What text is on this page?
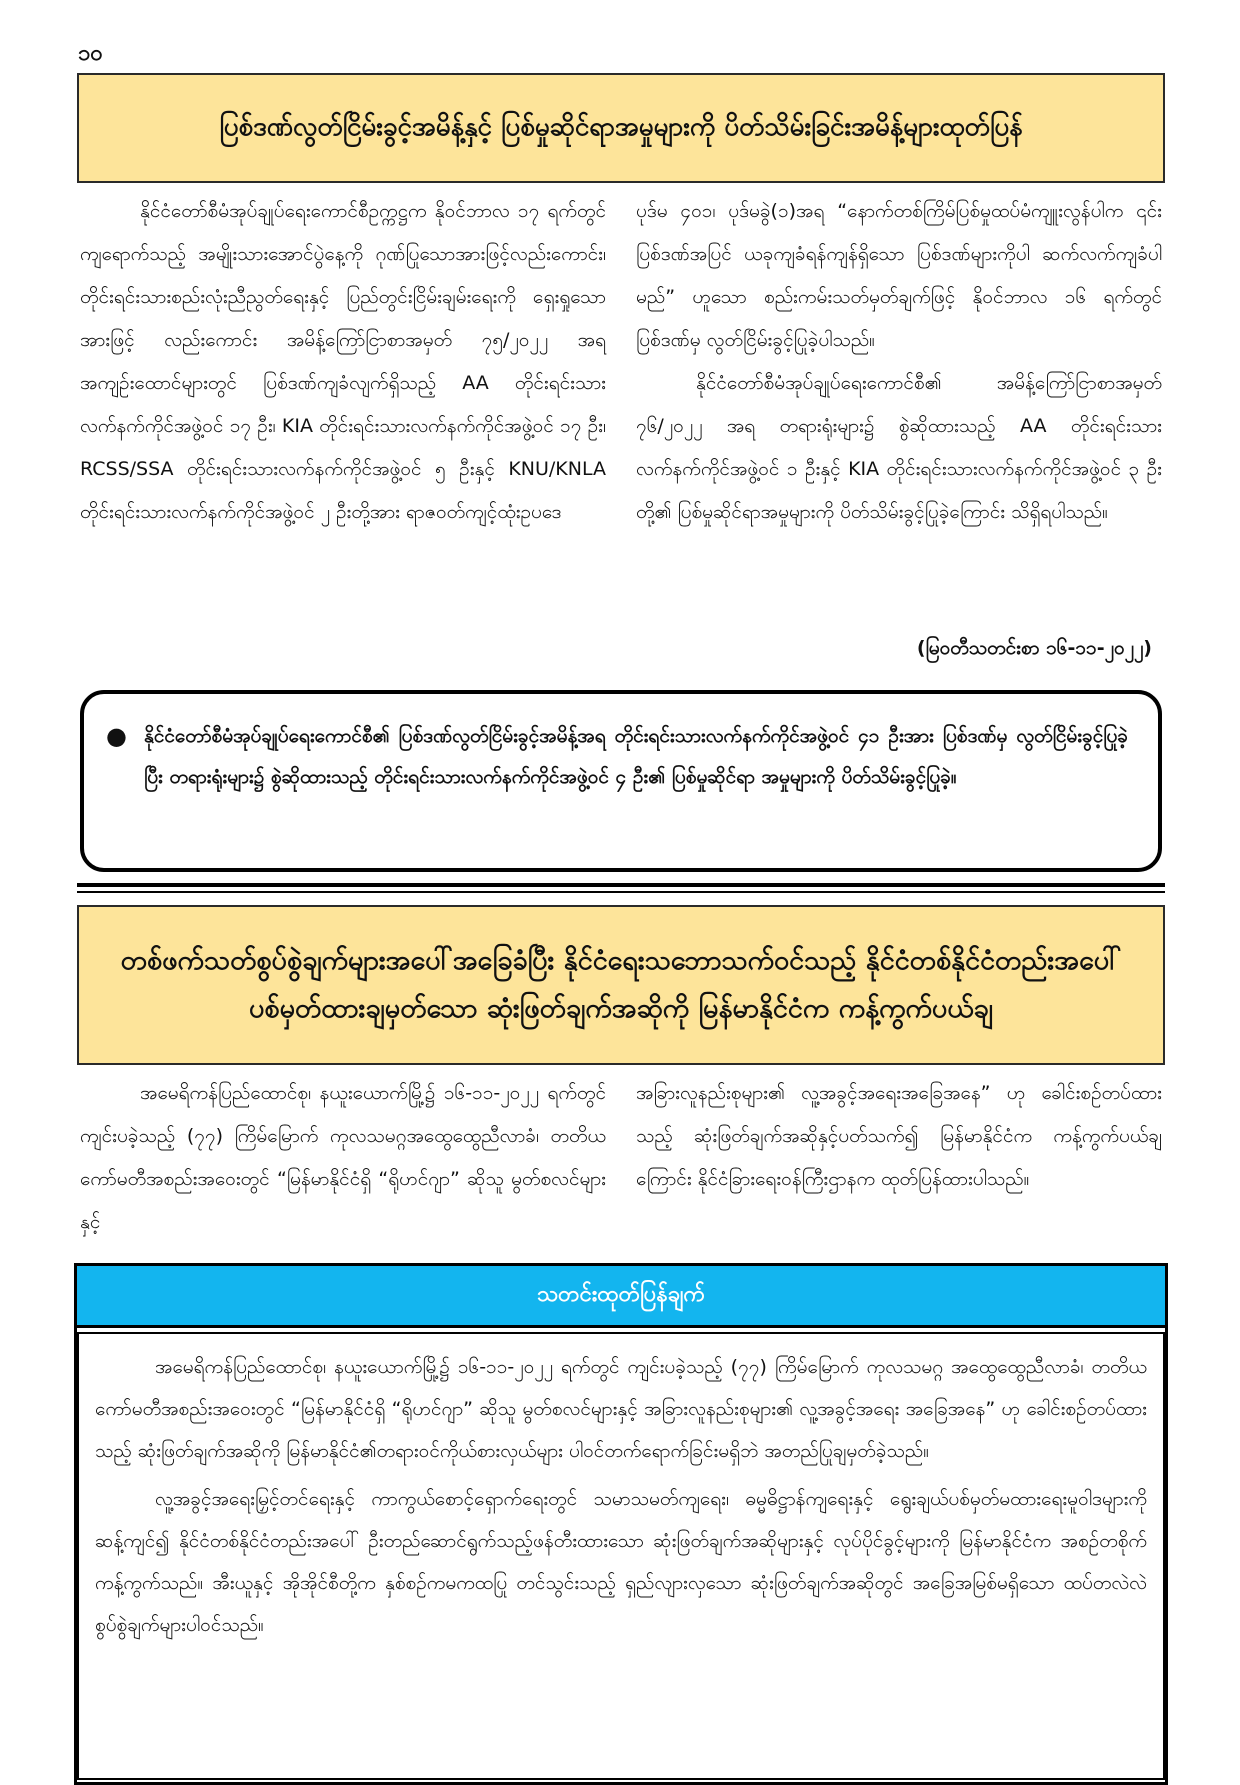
၁၀
ပြစ်ဒဏ်လွတ်ငြိမ်းခွင့်အမိန့်နှင့် ပြစ်မှုဆိုင်ရာအမှုများကို ပိတ်သိမ်းခြင်းအမိန့်များထုတ်ပြန်

နိုင်ငံတော်စီမံအုပ်ချုပ်ရေးကောင်စီဥက္ကဋ္ဌက နိုဝင်ဘာလ ၁၇ ရက်တွင် ကျရောက်သည့် အမျိုးသားအောင်ပွဲနေ့ကို ဂုဏ်ပြုသောအားဖြင့်လည်းကောင်း၊ တိုင်းရင်းသားစည်းလုံးညီညွတ်ရေးနှင့် ပြည်တွင်းငြိမ်းချမ်းရေးကို ရှေးရှုသောအားဖြင့် လည်းကောင်း အမိန့်ကြော်ငြာစာအမှတ် ၇၅/၂၀၂၂ အရ အကျဉ်းထောင်များတွင် ပြစ်ဒဏ်ကျခံလျက်ရှိသည့် AA တိုင်းရင်းသားလက်နက်ကိုင်အဖွဲ့ဝင် ၁၇ ဦး၊ KIA တိုင်းရင်းသားလက်နက်ကိုင်အဖွဲ့ဝင် ၁၇ ဦး၊ RCSS/SSA တိုင်းရင်းသားလက်နက်ကိုင်အဖွဲ့ဝင် ၅ ဦးနှင့် KNU/KNLA တိုင်းရင်းသားလက်နက်ကိုင်အဖွဲ့ဝင် ၂ ဦးတို့အား ရာဇဝတ်ကျင့်ထုံးဥပဒေ

ပုဒ်မ ၄၀၁၊ ပုဒ်မခွဲ(၁)အရ “နောက်တစ်ကြိမ်ပြစ်မှုထပ်မံကျူးလွန်ပါက ၎င်းပြစ်ဒဏ်အပြင် ယခုကျခံရန်ကျန်ရှိသော ပြစ်ဒဏ်များကိုပါ ဆက်လက်ကျခံပါမည်” ဟူသော စည်းကမ်းသတ်မှတ်ချက်ဖြင့် နိုဝင်ဘာလ ၁၆ ရက်တွင် ပြစ်ဒဏ်မှ လွတ်ငြိမ်းခွင့်ပြုခဲ့ပါသည်။

နိုင်ငံတော်စီမံအုပ်ချုပ်ရေးကောင်စီ၏ အမိန့်ကြော်ငြာစာအမှတ် ၇၆/၂၀၂၂ အရ တရားရုံးများ၌ စွဲဆိုထားသည့် AA တိုင်းရင်းသားလက်နက်ကိုင်အဖွဲ့ဝင် ၁ ဦးနှင့် KIA တိုင်းရင်းသားလက်နက်ကိုင်အဖွဲ့ဝင် ၃ ဦးတို့၏ ပြစ်မှုဆိုင်ရာအမှုများကို ပိတ်သိမ်းခွင့်ပြုခဲ့ကြောင်း သိရှိရပါသည်။

(မြဝတီသတင်းစာ ၁၆-၁၁-၂၀၂၂)
● နိုင်ငံတော်စီမံအုပ်ချုပ်ရေးကောင်စီ၏ ပြစ်ဒဏ်လွတ်ငြိမ်းခွင့်အမိန့်အရ တိုင်းရင်းသားလက်နက်ကိုင်အဖွဲ့ဝင် ၄၁ ဦးအား ပြစ်ဒဏ်မှ လွတ်ငြိမ်းခွင့်ပြုခဲ့ပြီး တရားရုံးများ၌ စွဲဆိုထားသည့် တိုင်းရင်းသားလက်နက်ကိုင်အဖွဲ့ဝင် ၄ ဦး၏ ပြစ်မှုဆိုင်ရာ အမှုများကို ပိတ်သိမ်းခွင့်ပြုခဲ့။
တစ်ဖက်သတ်စွပ်စွဲချက်များအပေါ်အခြေခံပြီး နိုင်ငံရေးသဘောသက်ဝင်သည့် နိုင်ငံတစ်နိုင်ငံတည်းအပေါ် ပစ်မှတ်ထားချမှတ်သော ဆုံးဖြတ်ချက်အဆိုကို မြန်မာနိုင်ငံက ကန့်ကွက်ပယ်ချ

အမေရိကန်ပြည်ထောင်စု၊ နယူးယောက်မြို့၌ ၁၆-၁၁-၂၀၂၂ ရက်တွင် ကျင်းပခဲ့သည့် (၇၇) ကြိမ်မြောက် ကုလသမဂ္ဂအထွေထွေညီလာခံ၊ တတိယကော်မတီအစည်းအဝေးတွင် “မြန်မာနိုင်ငံရှိ “ရိုဟင်ဂျာ” ဆိုသူ မွတ်စလင်များနှင့်

အခြားလူနည်းစုများ၏ လူ့အခွင့်အရေးအခြေအနေ” ဟု ခေါင်းစဉ်တပ်ထားသည့် ဆုံးဖြတ်ချက်အဆိုနှင့်ပတ်သက်၍ မြန်မာနိုင်ငံက ကန့်ကွက်ပယ်ချကြောင်း နိုင်ငံခြားရေးဝန်ကြီးဌာနက ထုတ်ပြန်ထားပါသည်။

သတင်းထုတ်ပြန်ချက်

အမေရိကန်ပြည်ထောင်စု၊ နယူးယောက်မြို့၌ ၁၆-၁၁-၂၀၂၂ ရက်တွင် ကျင်းပခဲ့သည့် (၇၇) ကြိမ်မြောက် ကုလသမဂ္ဂ အထွေထွေညီလာခံ၊ တတိယကော်မတီအစည်းအဝေးတွင် “မြန်မာနိုင်ငံရှိ “ရိုဟင်ဂျာ” ဆိုသူ မွတ်စလင်များနှင့် အခြားလူနည်းစုများ၏ လူ့အခွင့်အရေး အခြေအနေ” ဟု ခေါင်းစဉ်တပ်ထားသည့် ဆုံးဖြတ်ချက်အဆိုကို မြန်မာနိုင်ငံ၏တရားဝင်ကိုယ်စားလှယ်များ ပါဝင်တက်ရောက်ခြင်းမရှိဘဲ အတည်ပြုချမှတ်ခဲ့သည်။

လူ့အခွင့်အရေးမြှင့်တင်ရေးနှင့် ကာကွယ်စောင့်ရှောက်ရေးတွင် သမာသမတ်ကျရေး၊ ဓမ္မဓိဋ္ဌာန်ကျရေးနှင့် ရွေးချယ်ပစ်မှတ်မထားရေးမူဝါဒများကို ဆန့်ကျင်၍ နိုင်ငံတစ်နိုင်ငံတည်းအပေါ် ဦးတည်ဆောင်ရွက်သည့်ဖန်တီးထားသော ဆုံးဖြတ်ချက်အဆိုများနှင့် လုပ်ပိုင်ခွင့်များကို မြန်မာနိုင်ငံက အစဉ်တစိုက်ကန့်ကွက်သည်။ အီးယူနှင့် အိုအိုင်စီတို့က နှစ်စဉ်ကမကထပြု တင်သွင်းသည့် ရှည်လျားလှသော ဆုံးဖြတ်ချက်အဆိုတွင် အခြေအမြစ်မရှိသော ထပ်တလဲလဲ စွပ်စွဲချက်များပါဝင်သည်။
